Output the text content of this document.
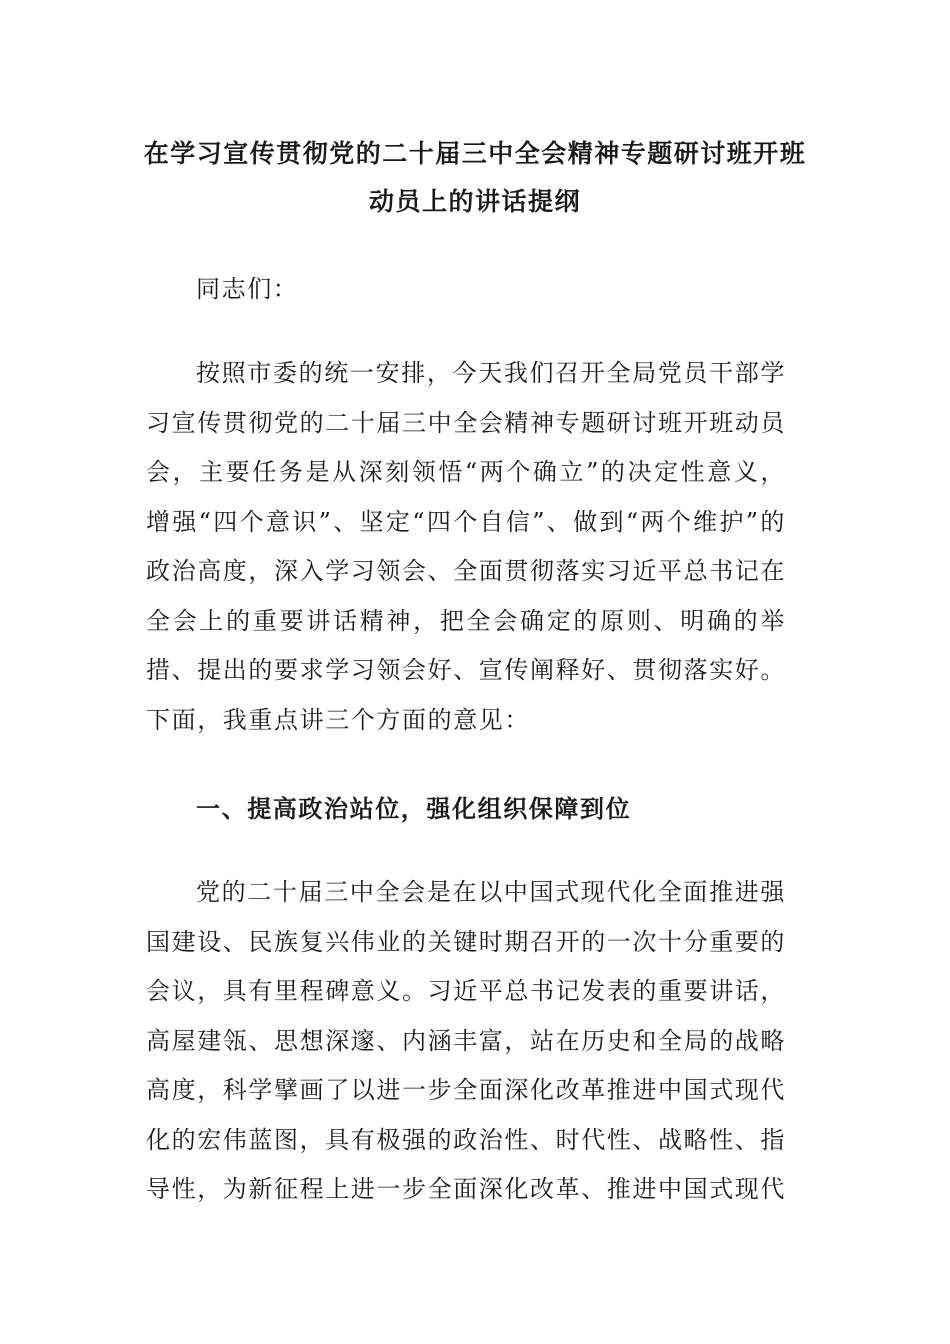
在学习宣传贯彻党的二十届三中全会精神专题研讨班开班
动员上的讲话提纲

同志们：

按照市委的统一安排，今天我们召开全局党员干部学习宣传贯彻党的二十届三中全会精神专题研讨班开班动员会，主要任务是从深刻领悟“两个确立”的决定性意义，增强“四个意识”、坚定“四个自信”、做到“两个维护”的政治高度，深入学习领会、全面贯彻落实习近平总书记在全会上的重要讲话精神，把全会确定的原则、明确的举措、提出的要求学习领会好、宣传阐释好、贯彻落实好。下面，我重点讲三个方面的意见：

一、提高政治站位，强化组织保障到位

党的二十届三中全会是在以中国式现代化全面推进强国建设、民族复兴伟业的关键时期召开的一次十分重要的会议，具有里程碑意义。习近平总书记发表的重要讲话，高屋建瓴、思想深邃、内涵丰富，站在历史和全局的战略高度，科学擘画了以进一步全面深化改革推进中国式现代化的宏伟蓝图，具有极强的政治性、时代性、战略性、指导性，为新征程上进一步全面深化改革、推进中国式现代
